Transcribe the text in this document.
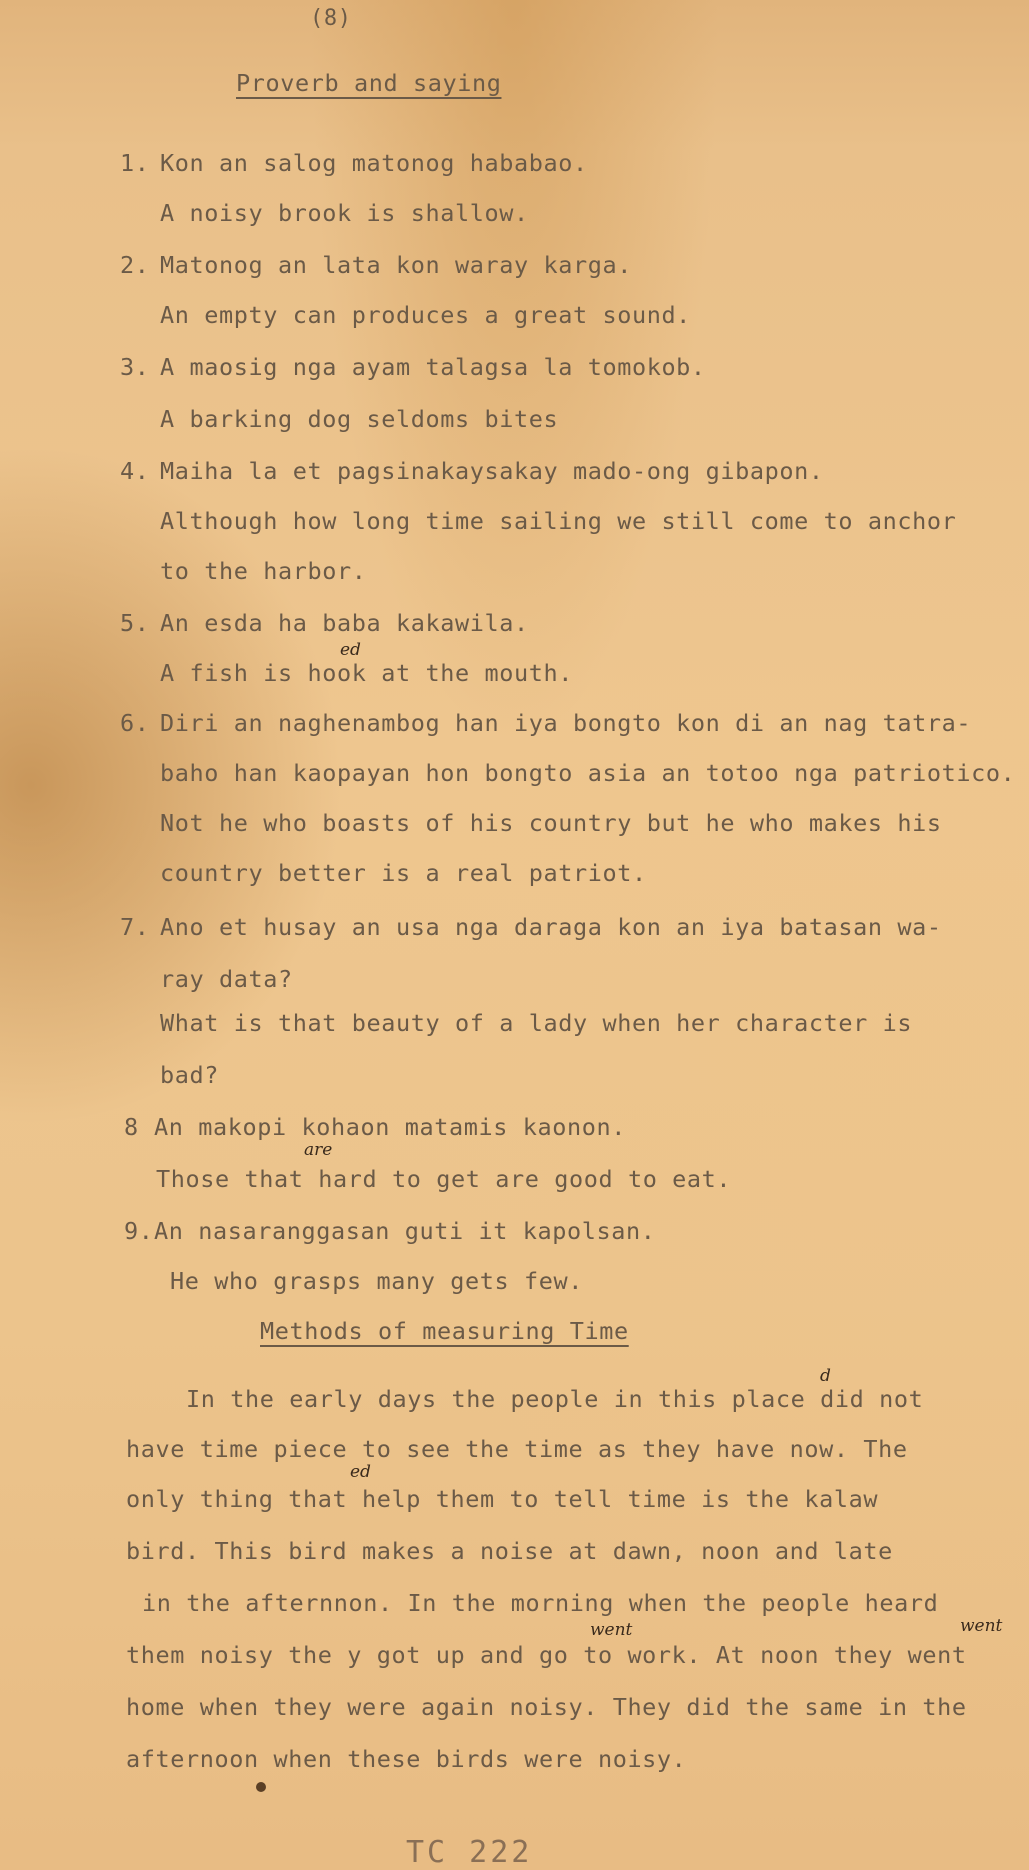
(8)
Proverb and saying
1. Kon an salog matonog hababao.
A noisy brook is shallow.
2. Matonog an lata kon waray karga.
An empty can produces a great sound.
3. A maosig nga ayam talagsa la tomokob.
A barking dog seldoms bites
4. Maiha la et pagsinakaysakay mado-ong gibapon.
Although how long time sailing we still come to anchor
to the harbor.
5. An esda ha baba kakawila.
A fish is hook at the mouth.
ed
6. Diri an naghenambog han iya bongto kon di an nag tatra-
baho han kaopayan hon bongto asia an totoo nga patriotico.
Not he who boasts of his country but he who makes his
country better is a real patriot.
7. Ano et husay an usa nga daraga kon an iya batasan wa-
ray data?
What is that beauty of a lady when her character is
bad?
8 An makopi kohaon matamis kaonon.
Those that hard to get are good to eat.
are
9. An nasaranggasan guti it kapolsan.
He who grasps many gets few.
Methods of measuring Time
In the early days the people in this place did not
have time piece to see the time as they have now. The
only thing that help them to tell time is the kalaw
bird. This bird makes a noise at dawn, noon and late
in the afternnon. In the morning when the people heard
them noisy the y got up and go to work. At noon they went
home when they were again noisy. They did the same in the
afternoon when these birds were noisy.
ed
went	went
d
TC 222
